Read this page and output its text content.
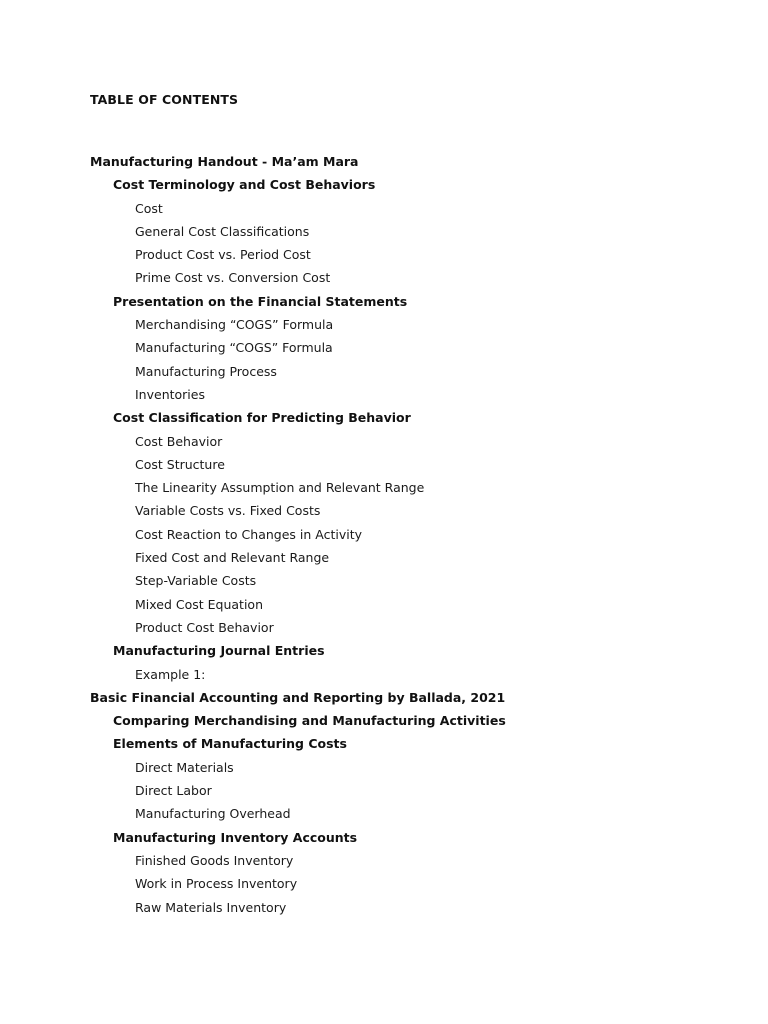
TABLE OF CONTENTS
Manufacturing Handout - Ma’am Mara
Cost Terminology and Cost Behaviors
Cost
General Cost Classifications
Product Cost vs. Period Cost
Prime Cost vs. Conversion Cost
Presentation on the Financial Statements
Merchandising “COGS” Formula
Manufacturing “COGS” Formula
Manufacturing Process
Inventories
Cost Classification for Predicting Behavior
Cost Behavior
Cost Structure
The Linearity Assumption and Relevant Range
Variable Costs vs. Fixed Costs
Cost Reaction to Changes in Activity
Fixed Cost and Relevant Range
Step-Variable Costs
Mixed Cost Equation
Product Cost Behavior
Manufacturing Journal Entries
Example 1:
Basic Financial Accounting and Reporting by Ballada, 2021
Comparing Merchandising and Manufacturing Activities
Elements of Manufacturing Costs
Direct Materials
Direct Labor
Manufacturing Overhead
Manufacturing Inventory Accounts
Finished Goods Inventory
Work in Process Inventory
Raw Materials Inventory
